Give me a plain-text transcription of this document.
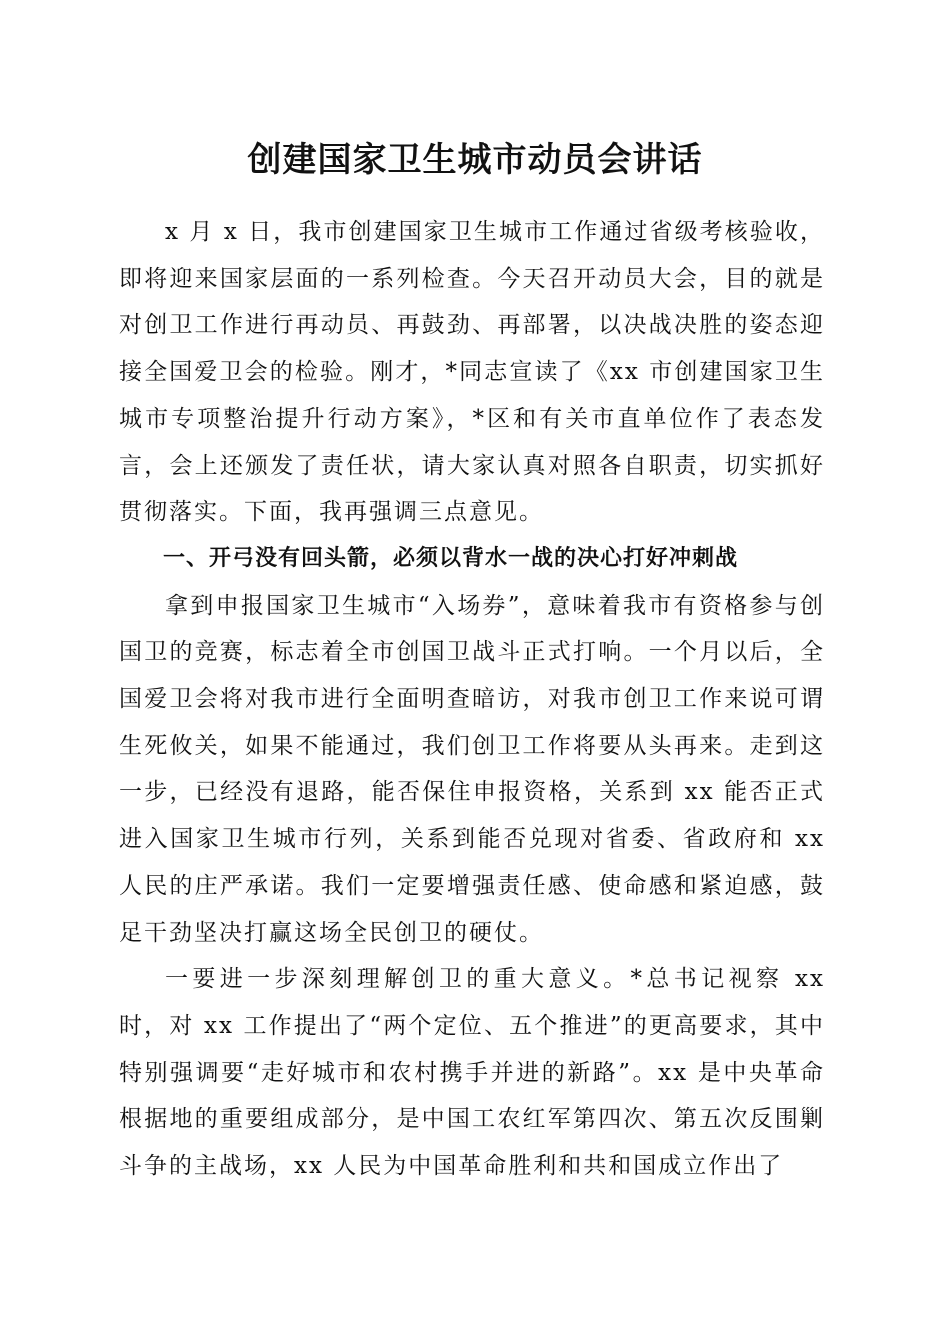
创建国家卫生城市动员会讲话

x 月 x 日，我市创建国家卫生城市工作通过省级考核验收，即将迎来国家层面的一系列检查。今天召开动员大会，目的就是对创卫工作进行再动员、再鼓劲、再部署，以决战决胜的姿态迎接全国爱卫会的检验。刚才，*同志宣读了《xx 市创建国家卫生城市专项整治提升行动方案》，*区和有关市直单位作了表态发言，会上还颁发了责任状，请大家认真对照各自职责，切实抓好贯彻落实。下面，我再强调三点意见。

一、开弓没有回头箭，必须以背水一战的决心打好冲刺战

拿到申报国家卫生城市“入场券”，意味着我市有资格参与创国卫的竞赛，标志着全市创国卫战斗正式打响。一个月以后，全国爱卫会将对我市进行全面明查暗访，对我市创卫工作来说可谓生死攸关，如果不能通过，我们创卫工作将要从头再来。走到这一步，已经没有退路，能否保住申报资格，关系到 xx 能否正式进入国家卫生城市行列，关系到能否兑现对省委、省政府和 xx 人民的庄严承诺。我们一定要增强责任感、使命感和紧迫感，鼓足干劲坚决打赢这场全民创卫的硬仗。

一要进一步深刻理解创卫的重大意义。*总书记视察 xx 时，对 xx 工作提出了“两个定位、五个推进”的更高要求，其中特别强调要“走好城市和农村携手并进的新路”。xx 是中央革命根据地的重要组成部分，是中国工农红军第四次、第五次反围剿斗争的主战场，xx 人民为中国革命胜利和共和国成立作出了
